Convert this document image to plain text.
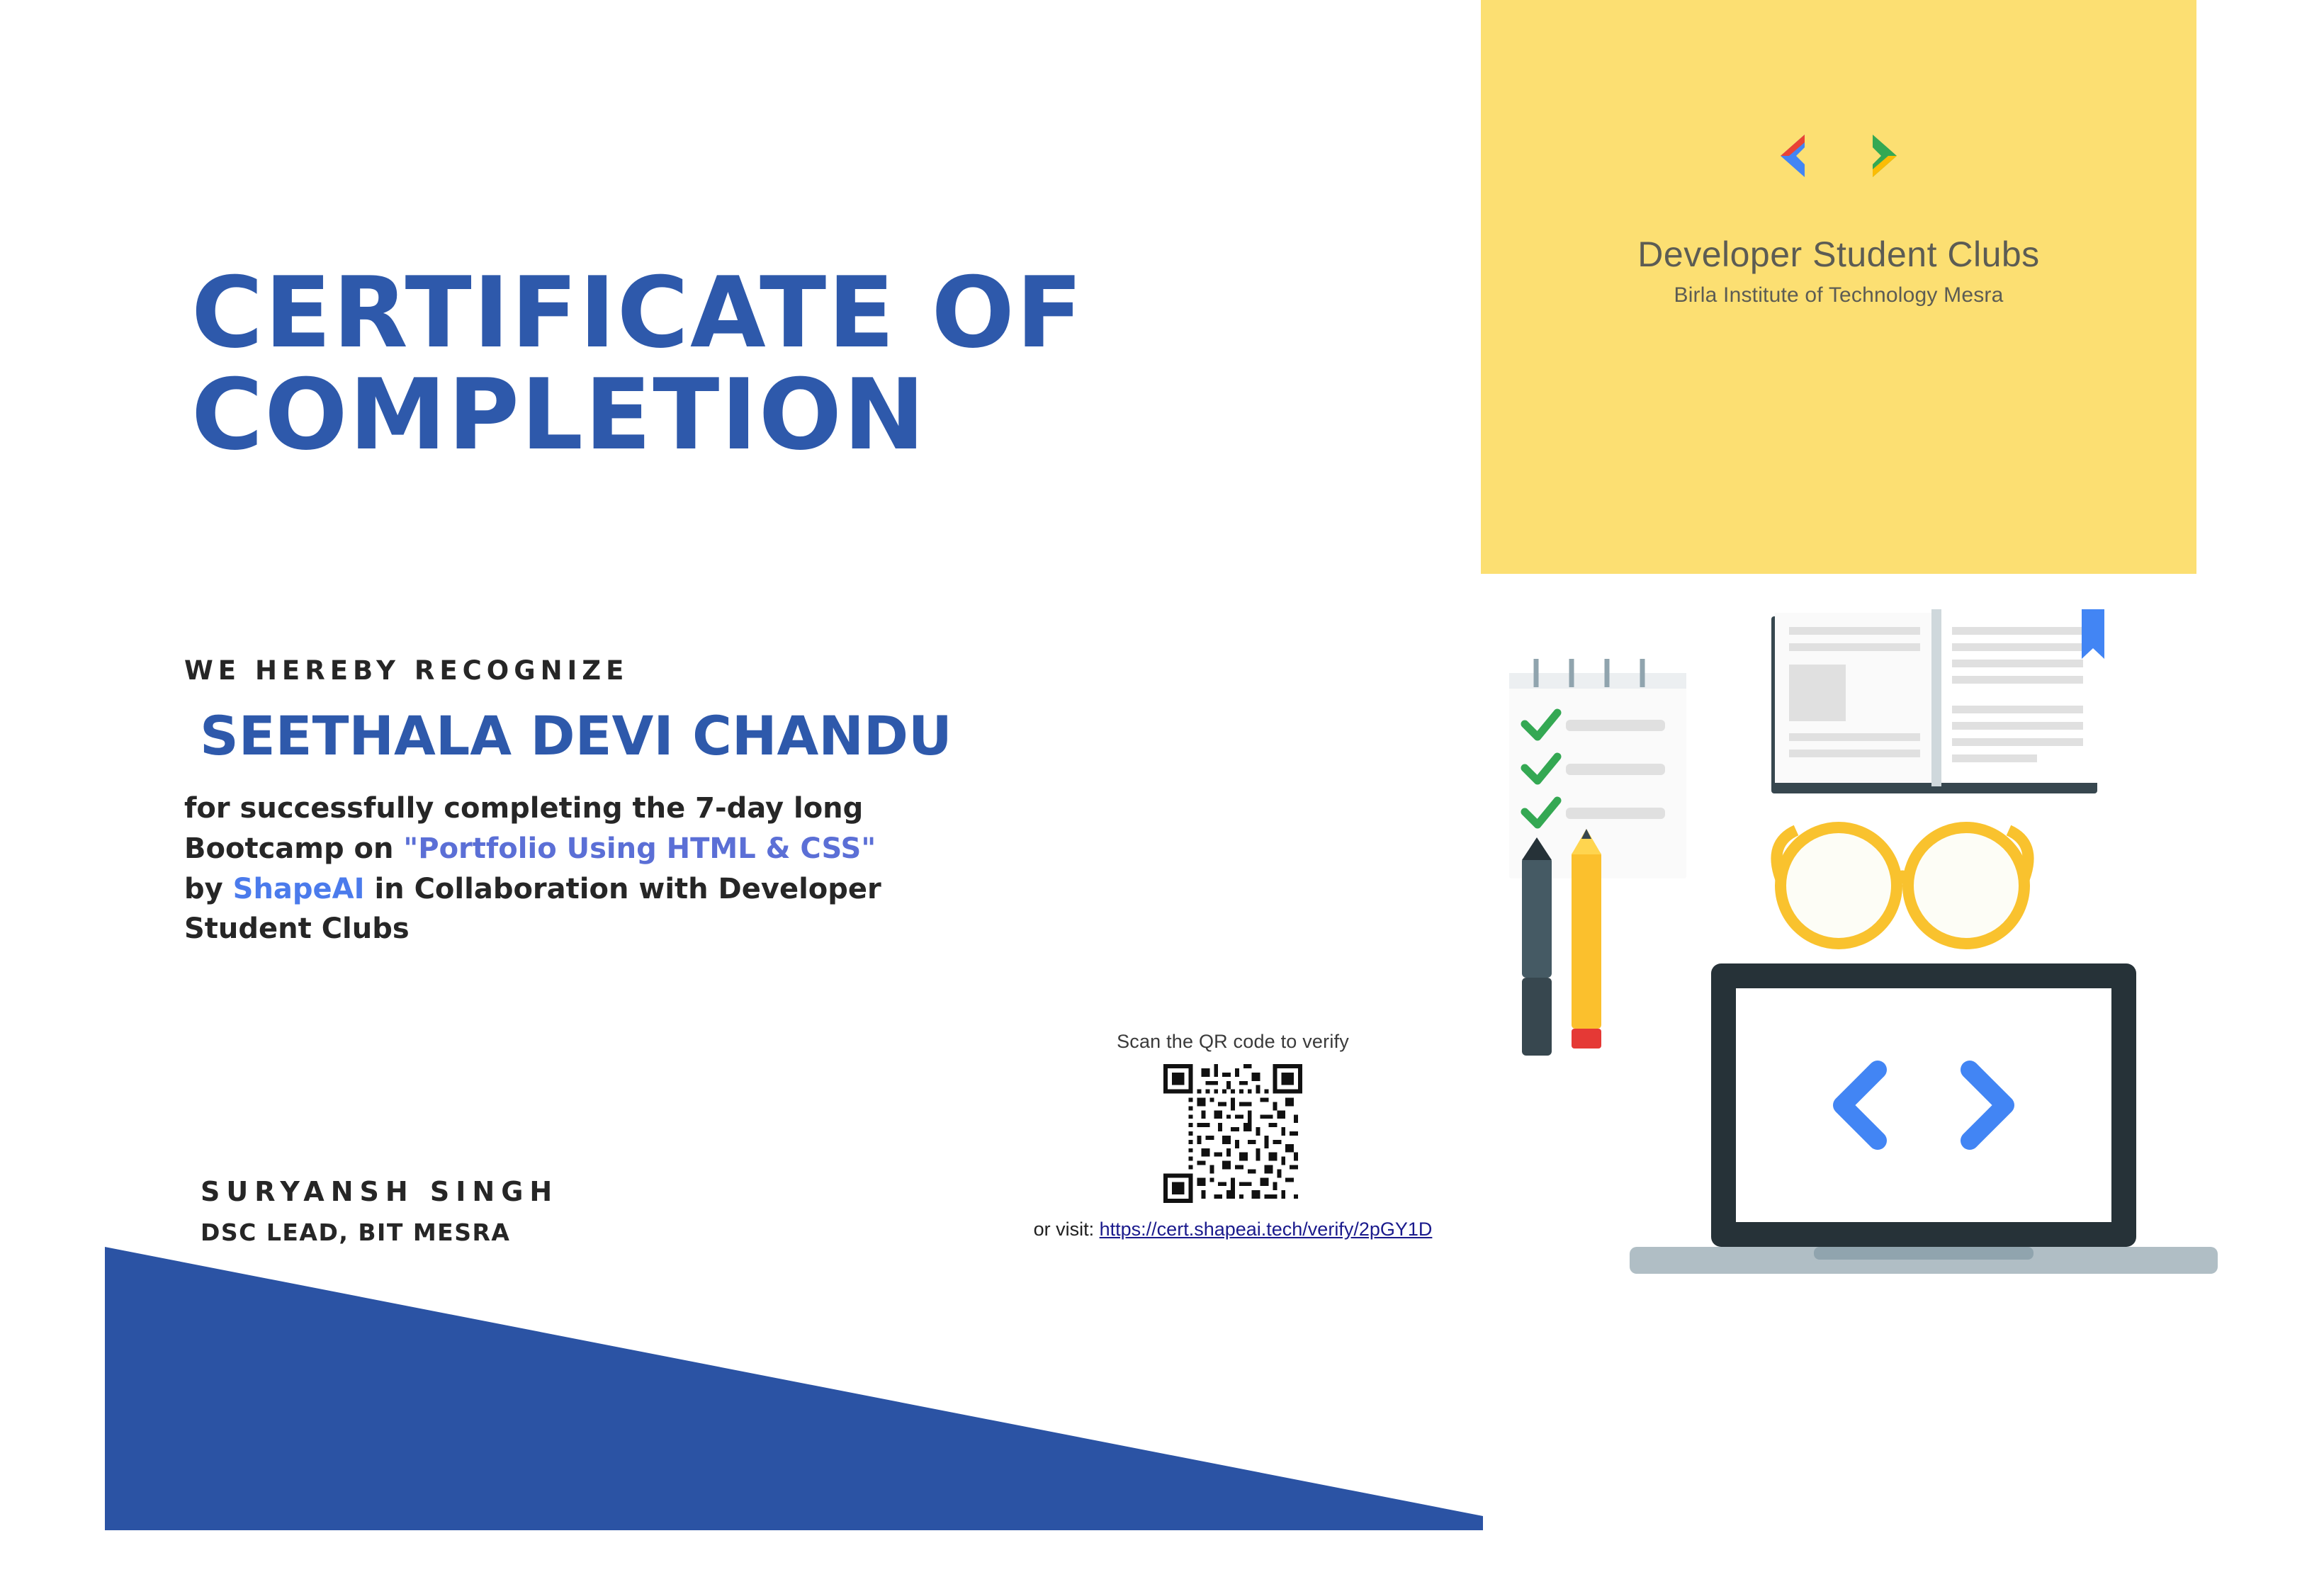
CERTIFICATE OF
COMPLETION
WE HEREBY RECOGNIZE
SEETHALA DEVI CHANDU
for successfully completing the 7-day long
Bootcamp on "Portfolio Using HTML & CSS"
by ShapeAI in Collaboration with Developer
Student Clubs
SURYANSH SINGH
DSC LEAD, BIT MESRA
Scan the QR code to verify
or visit: https://cert.shapeai.tech/verify/2pGY1D
Developer Student Clubs
Birla Institute of Technology Mesra
